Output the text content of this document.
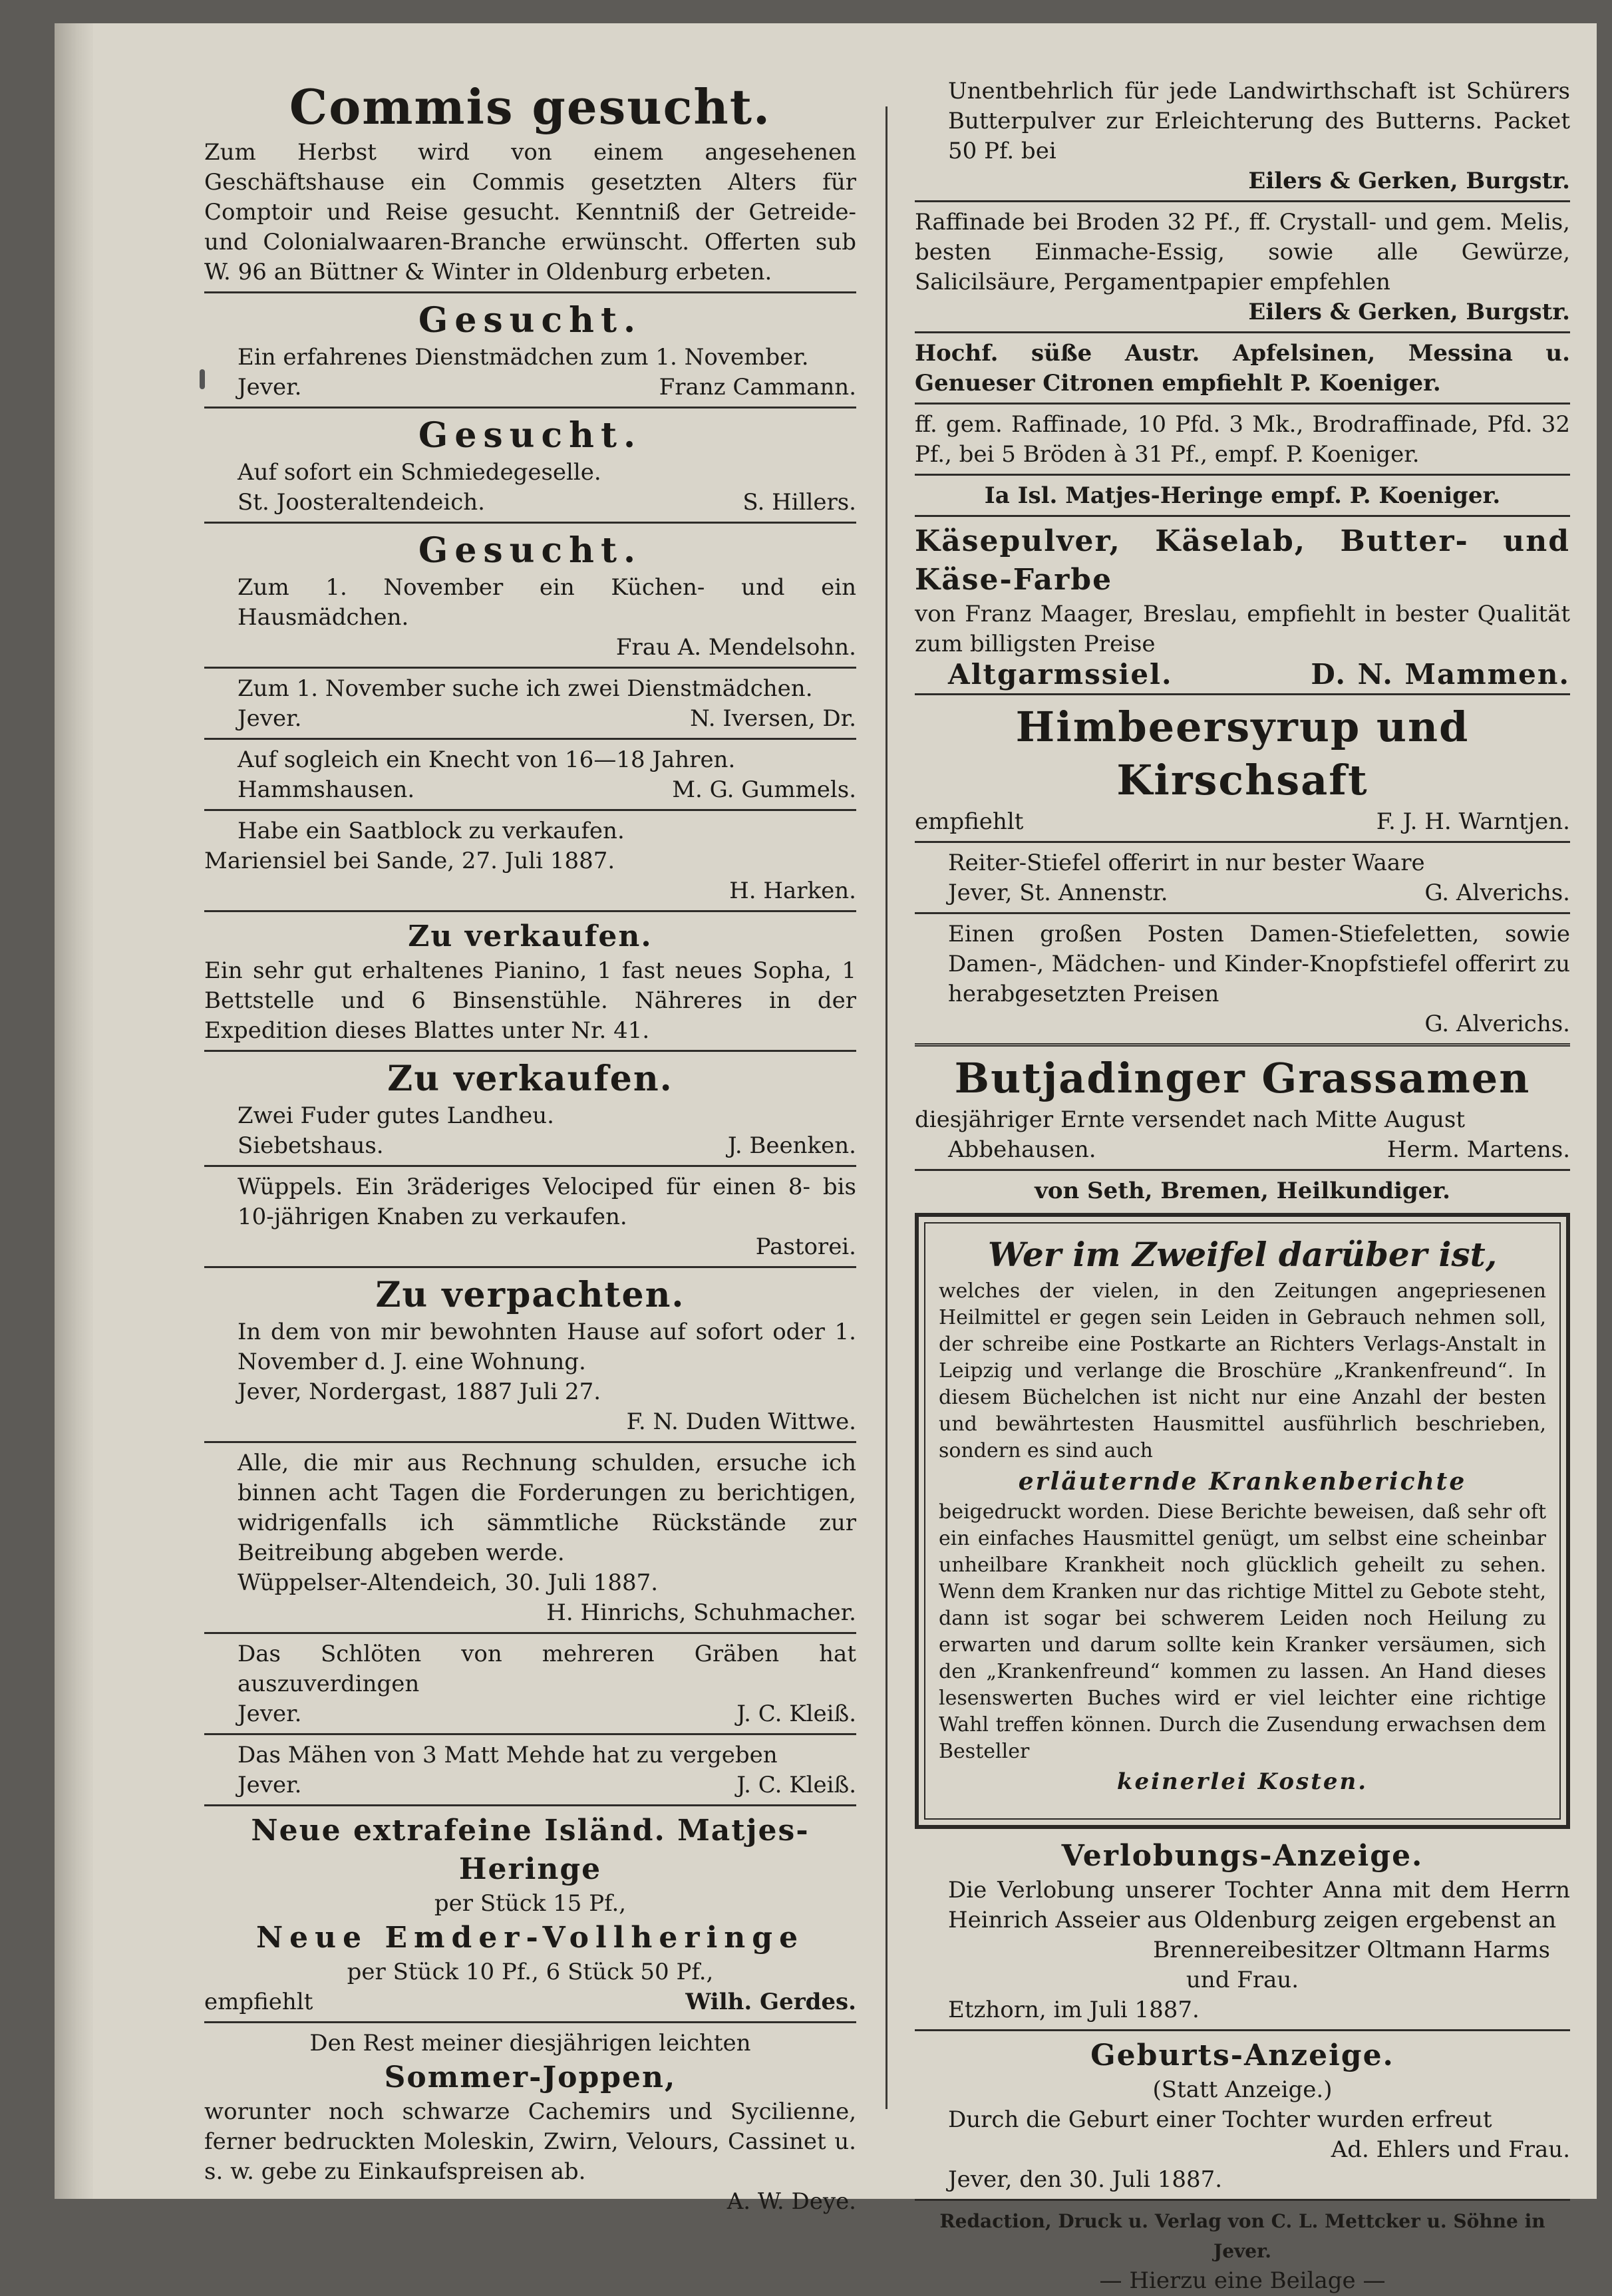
Commis gesucht.

Zum Herbst wird von einem angesehenen Geschäftshause ein Commis gesetzten Alters für Comptoir und Reise gesucht. Kenntniß der Getreide- und Colonialwaaren-Branche erwünscht. Offerten sub W. 96 an Büttner & Winter in Oldenburg erbeten.

Gesucht.

Ein erfahrenes Dienstmädchen zum 1. November.

Jever.	Franz Cammann.

Gesucht.

Auf sofort ein Schmiedegeselle.

St. Joosteraltendeich.	S. Hillers.

Gesucht.

Zum 1. November ein Küchen- und ein Hausmädchen.

Frau A. Mendelsohn.

Zum 1. November suche ich zwei Dienstmädchen.

Jever.	N. Iversen, Dr.

Auf sogleich ein Knecht von 16—18 Jahren.

Hammshausen.	M. G. Gummels.

Habe ein Saatblock zu verkaufen.

Mariensiel bei Sande, 27. Juli 1887.

H. Harken.

Zu verkaufen.

Ein sehr gut erhaltenes Pianino, 1 fast neues Sopha, 1 Bettstelle und 6 Binsenstühle. Nähreres in der Expedition dieses Blattes unter Nr. 41.

Zu verkaufen.

Zwei Fuder gutes Landheu.

Siebetshaus.	J. Beenken.

Wüppels. Ein 3räderiges Velociped für einen 8- bis 10-jährigen Knaben zu verkaufen.

Pastorei.

Zu verpachten.

In dem von mir bewohnten Hause auf sofort oder 1. November d. J. eine Wohnung.

Jever, Nordergast, 1887 Juli 27.

F. N. Duden Wittwe.

Alle, die mir aus Rechnung schulden, ersuche ich binnen acht Tagen die Forderungen zu berichtigen, widrigenfalls ich sämmtliche Rückstände zur Beitreibung abgeben werde.

Wüppelser-Altendeich, 30. Juli 1887.

H. Hinrichs, Schuhmacher.

Das Schlöten von mehreren Gräben hat auszuverdingen

Jever.	J. C. Kleiß.

Das Mähen von 3 Matt Mehde hat zu vergeben

Jever.	J. C. Kleiß.

Neue extrafeine Isländ. Matjes-Heringe

per Stück 15 Pf.,

Neue Emder-Vollheringe

per Stück 10 Pf., 6 Stück 50 Pf.,

empfiehlt	Wilh. Gerdes.

Den Rest meiner diesjährigen leichten

Sommer-Joppen,

worunter noch schwarze Cachemirs und Sycilienne, ferner bedruckten Moleskin, Zwirn, Velours, Cassinet u. s. w. gebe zu Einkaufspreisen ab.

A. W. Deye.

Unentbehrlich für jede Landwirthschaft ist Schürers Butterpulver zur Erleichterung des Butterns. Packet 50 Pf. bei

Eilers & Gerken, Burgstr.

Raffinade bei Broden 32 Pf., ff. Crystall- und gem. Melis, besten Einmache-Essig, sowie alle Gewürze, Salicilsäure, Pergamentpapier empfehlen

Eilers & Gerken, Burgstr.

Hochf. süße Austr. Apfelsinen, Messina u. Genueser Citronen empfiehlt P. Koeniger.

ff. gem. Raffinade, 10 Pfd. 3 Mk., Brodraffinade, Pfd. 32 Pf., bei 5 Bröden à 31 Pf., empf. P. Koeniger.

Ia Isl. Matjes-Heringe empf. P. Koeniger.

Käsepulver, Käselab, Butter- und Käse-Farbe

von Franz Maager, Breslau, empfiehlt in bester Qualität zum billigsten Preise

Altgarmssiel.	D. N. Mammen.

Himbeersyrup und Kirschsaft

empfiehlt	F. J. H. Warntjen.

Reiter-Stiefel offerirt in nur bester Waare

Jever, St. Annenstr.	G. Alverichs.

Einen großen Posten Damen-Stiefeletten, sowie Damen-, Mädchen- und Kinder-Knopfstiefel offerirt zu herabgesetzten Preisen

G. Alverichs.

Butjadinger Grassamen

diesjähriger Ernte versendet nach Mitte August

Abbehausen.	Herm. Martens.

von Seth, Bremen, Heilkundiger.

Wer im Zweifel darüber ist,

welches der vielen, in den Zeitungen angepriesenen Heilmittel er gegen sein Leiden in Gebrauch nehmen soll, der schreibe eine Postkarte an Richters Verlags-Anstalt in Leipzig und verlange die Broschüre „Krankenfreund“. In diesem Büchelchen ist nicht nur eine Anzahl der besten und bewährtesten Hausmittel ausführlich beschrieben, sondern es sind auch

erläuternde Krankenberichte

beigedruckt worden. Diese Berichte beweisen, daß sehr oft ein einfaches Hausmittel genügt, um selbst eine scheinbar unheilbare Krankheit noch glücklich geheilt zu sehen. Wenn dem Kranken nur das richtige Mittel zu Gebote steht, dann ist sogar bei schwerem Leiden noch Heilung zu erwarten und darum sollte kein Kranker versäumen, sich den „Krankenfreund“ kommen zu lassen. An Hand dieses lesenswerten Buches wird er viel leichter eine richtige Wahl treffen können. Durch die Zusendung erwachsen dem Besteller

keinerlei Kosten.

Verlobungs-Anzeige.

Die Verlobung unserer Tochter Anna mit dem Herrn Heinrich Asseier aus Oldenburg zeigen ergebenst an

Brennereibesitzer Oltmann Harms

und Frau.

Etzhorn, im Juli 1887.

Geburts-Anzeige.

(Statt Anzeige.)

Durch die Geburt einer Tochter wurden erfreut

Ad. Ehlers und Frau.

Jever, den 30. Juli 1887.

Redaction, Druck u. Verlag von C. L. Mettcker u. Söhne in Jever.

— Hierzu eine Beilage —
